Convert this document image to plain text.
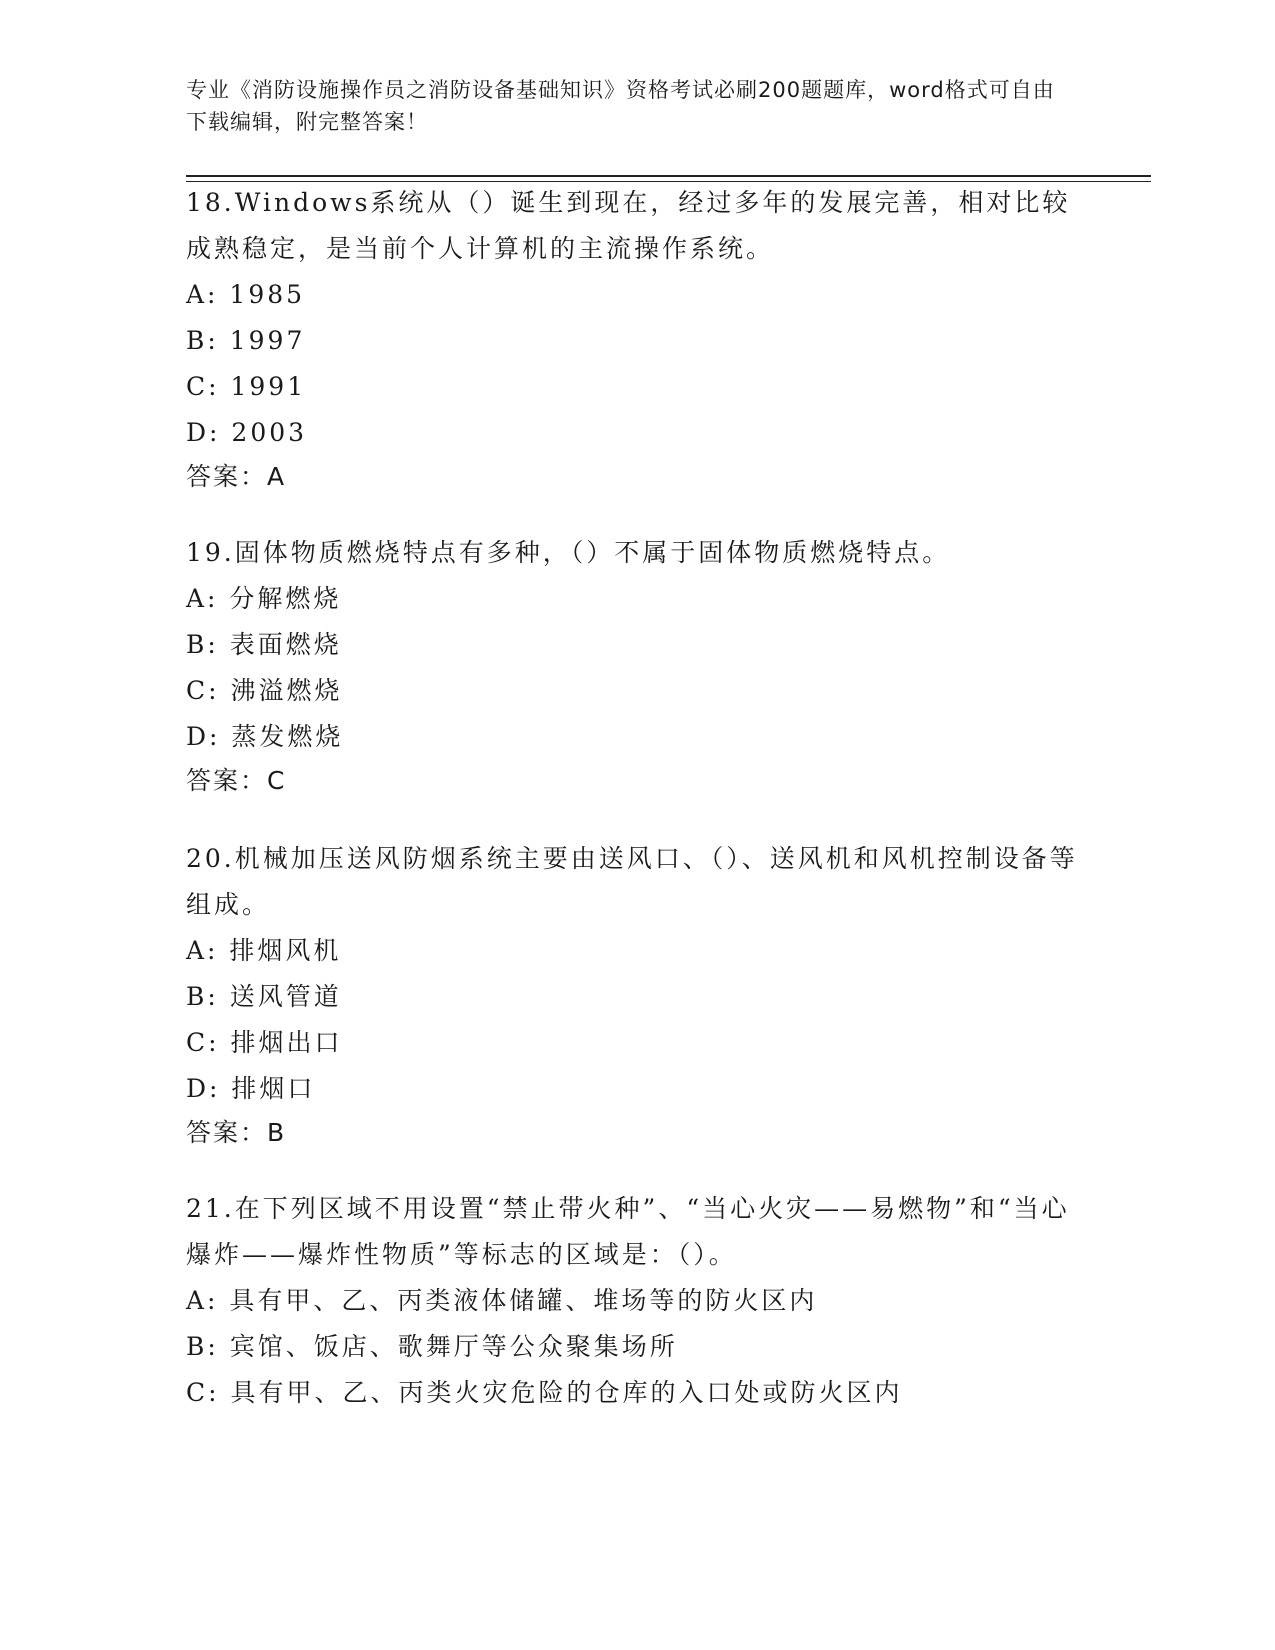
专业《消防设施操作员之消防设备基础知识》资格考试必刷200题题库，word格式可自由下载编辑，附完整答案！

18.Windows系统从（）诞生到现在，经过多年的发展完善，相对比较成熟稳定，是当前个人计算机的主流操作系统。

A: 1985

B: 1997

C: 1991

D: 2003

答案：A

19.固体物质燃烧特点有多种，（）不属于固体物质燃烧特点。

A: 分解燃烧

B: 表面燃烧

C: 沸溢燃烧

D: 蒸发燃烧

答案：C

20.机械加压送风防烟系统主要由送风口、（）、送风机和风机控制设备等组成。

A: 排烟风机

B: 送风管道

C: 排烟出口

D: 排烟口

答案：B

21.在下列区域不用设置“禁止带火种”、“当心火灾——易燃物”和“当心爆炸——爆炸性物质”等标志的区域是：（）。

A: 具有甲、乙、丙类液体储罐、堆场等的防火区内

B: 宾馆、饭店、歌舞厅等公众聚集场所

C: 具有甲、乙、丙类火灾危险的仓库的入口处或防火区内
